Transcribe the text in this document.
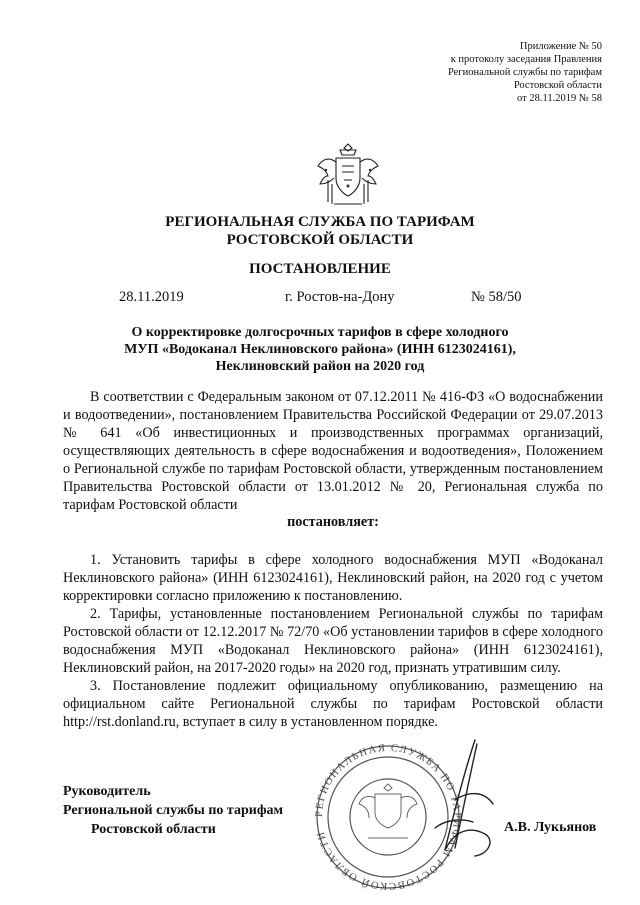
Приложение № 50
к протоколу заседания Правления
Региональной службы по тарифам
Ростовской области
от 28.11.2019 № 58
РЕГИОНАЛЬНАЯ СЛУЖБА ПО ТАРИФАМ
РОСТОВСКОЙ ОБЛАСТИ
ПОСТАНОВЛЕНИЕ
28.11.2019	г. Ростов-на-Дону	№ 58/50
О корректировке долгосрочных тарифов в сфере холодного
МУП «Водоканал Неклиновского района» (ИНН 6123024161),
Неклиновский район на 2020 год
В соответствии с Федеральным законом от 07.12.2011 № 416-ФЗ «О водоснабжении и водоотведении», постановлением Правительства Российской Федерации от 29.07.2013 № 641 «Об инвестиционных и производственных программах организаций, осуществляющих деятельность в сфере водоснабжения и водоотведения», Положением о Региональной службе по тарифам Ростовской области, утвержденным постановлением Правительства Ростовской области от 13.01.2012 № 20, Региональная служба по тарифам Ростовской области
постановляет:

1. Установить тарифы в сфере холодного водоснабжения МУП «Водоканал Неклиновского района» (ИНН 6123024161), Неклиновский район, на 2020 год с учетом корректировки согласно приложению к постановлению.

2. Тарифы, установленные постановлением Региональной службы по тарифам Ростовской области от 12.12.2017 № 72/70 «Об установлении тарифов в сфере холодного водоснабжения МУП «Водоканал Неклиновского района» (ИНН 6123024161), Неклиновский район, на 2017-2020 годы» на 2020 год, признать утратившим силу.

3. Постановление подлежит официальному опубликованию, размещению на официальном сайте Региональной службы по тарифам Ростовской области http://rst.donland.ru, вступает в силу в установленном порядке.

Руководитель
Региональной службы по тарифам
Ростовской области
РЕГИОНАЛЬНАЯ СЛУЖБА ПО ТАРИФАМ РОСТОВСКОЙ ОБЛАСТИ
А.В. Лукьянов
